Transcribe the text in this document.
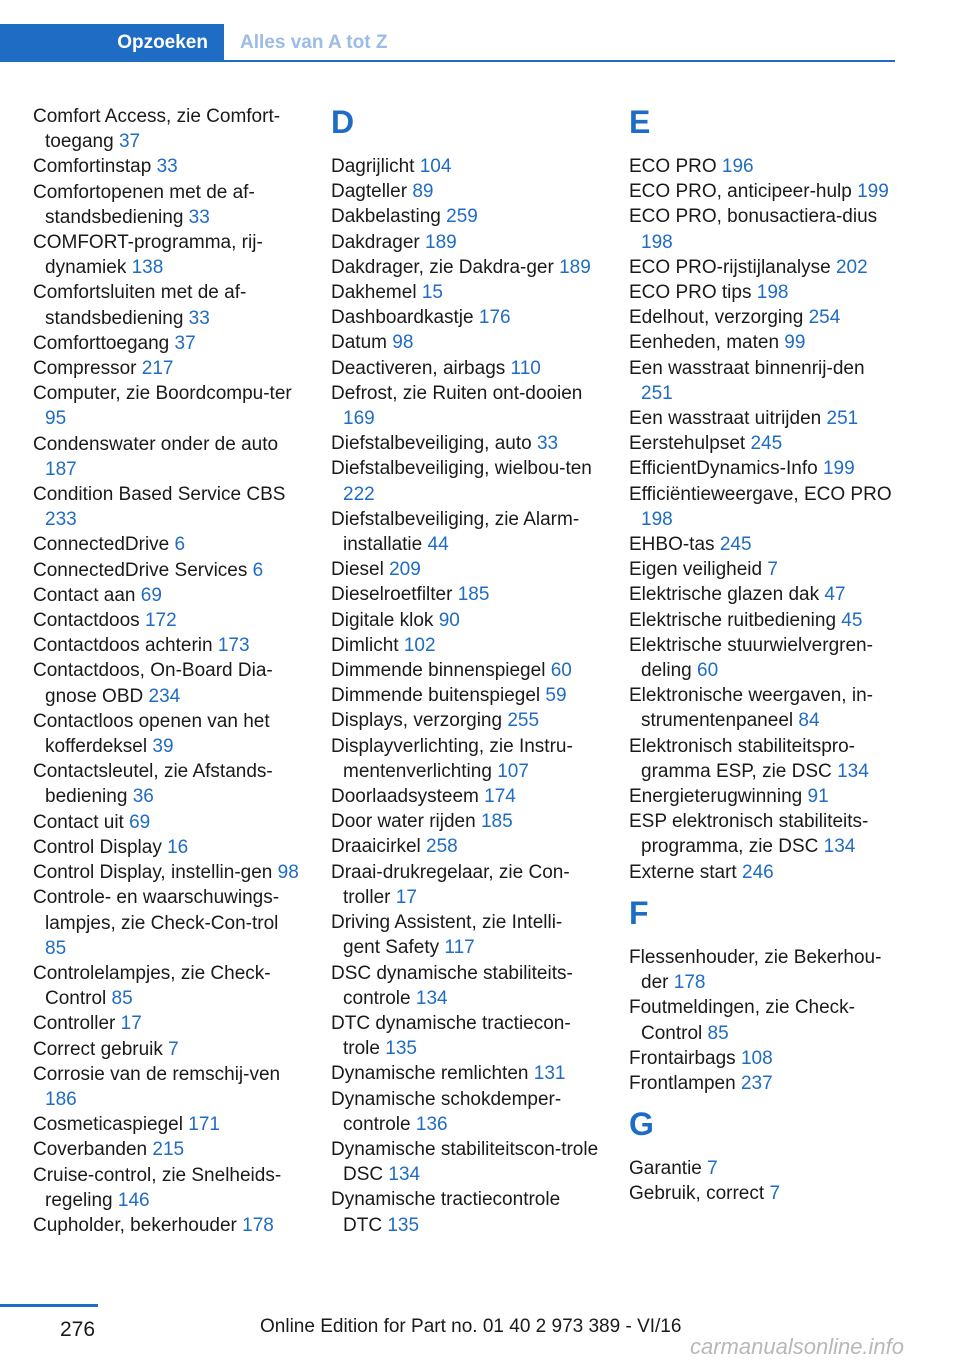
Opzoeken	Alles van A tot Z
Comfort Access, zie Comfort-toegang 37
Comfortinstap 33
Comfortopenen met de af-standsbediening 33
COMFORT-programma, rij-dynamiek 138
Comfortsluiten met de af-standsbediening 33
Comforttoegang 37
Compressor 217
Computer, zie Boordcompu-ter 95
Condenswater onder de auto 187
Condition Based Service CBS 233
ConnectedDrive 6
ConnectedDrive Services 6
Contact aan 69
Contactdoos 172
Contactdoos achterin 173
Contactdoos, On-Board Dia-gnose OBD 234
Contactloos openen van het kofferdeksel 39
Contactsleutel, zie Afstands-bediening 36
Contact uit 69
Control Display 16
Control Display, instellin-gen 98
Controle- en waarschuwings-lampjes, zie Check-Con-trol 85
Controlelampjes, zie Check-Control 85
Controller 17
Correct gebruik 7
Corrosie van de remschij-ven 186
Cosmeticaspiegel 171
Coverbanden 215
Cruise-control, zie Snelheids-regeling 146
Cupholder, bekerhouder 178
D
Dagrijlicht 104
Dagteller 89
Dakbelasting 259
Dakdrager 189
Dakdrager, zie Dakdra-ger 189
Dakhemel 15
Dashboardkastje 176
Datum 98
Deactiveren, airbags 110
Defrost, zie Ruiten ont-dooien 169
Diefstalbeveiliging, auto 33
Diefstalbeveiliging, wielbou-ten 222
Diefstalbeveiliging, zie Alarm-installatie 44
Diesel 209
Dieselroetfilter 185
Digitale klok 90
Dimlicht 102
Dimmende binnenspiegel 60
Dimmende buitenspiegel 59
Displays, verzorging 255
Displayverlichting, zie Instru-mentenverlichting 107
Doorlaadsysteem 174
Door water rijden 185
Draaicirkel 258
Draai-drukregelaar, zie Con-troller 17
Driving Assistent, zie Intelli-gent Safety 117
DSC dynamische stabiliteits-controle 134
DTC dynamische tractiecon-trole 135
Dynamische remlichten 131
Dynamische schokdemper-controle 136
Dynamische stabiliteitscon-trole DSC 134
Dynamische tractiecontrole DTC 135
E
ECO PRO 196
ECO PRO, anticipeer-hulp 199
ECO PRO, bonusactiera-dius 198
ECO PRO-rijstijlanalyse 202
ECO PRO tips 198
Edelhout, verzorging 254
Eenheden, maten 99
Een wasstraat binnenrij-den 251
Een wasstraat uitrijden 251
Eerstehulpset 245
EfficientDynamics-Info 199
Efficiëntieweergave, ECO PRO 198
EHBO-tas 245
Eigen veiligheid 7
Elektrische glazen dak 47
Elektrische ruitbediening 45
Elektrische stuurwielvergren-deling 60
Elektronische weergaven, in-strumentenpaneel 84
Elektronisch stabiliteitspro-gramma ESP, zie DSC 134
Energieterugwinning 91
ESP elektronisch stabiliteits-programma, zie DSC 134
Externe start 246
F
Flessenhouder, zie Bekerhou-der 178
Foutmeldingen, zie Check-Control 85
Frontairbags 108
Frontlampen 237
G
Garantie 7
Gebruik, correct 7
276	Online Edition for Part no. 01 40 2 973 389 - VI/16
carmanualsonline.info
